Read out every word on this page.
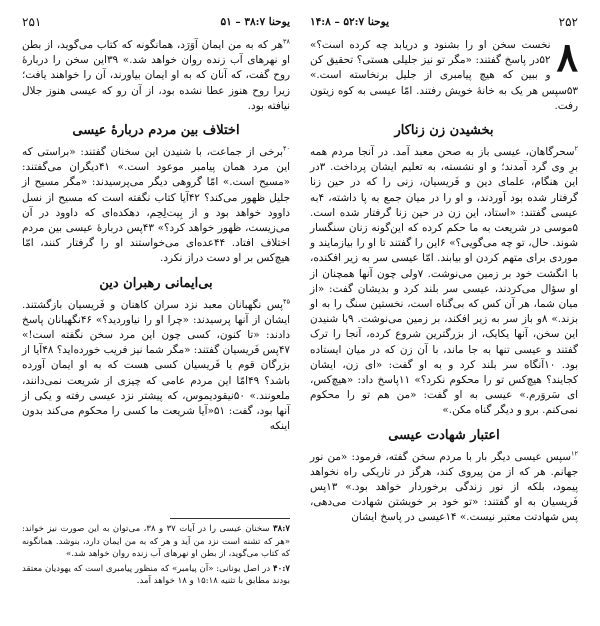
یوحنا ۳۸:۷ – ۵۱
۲۵۱

$^{۳۸}$هر که به من ایمان آوَرَد، همانگونه که کتاب می‌گوید، از بطن او نهرهای آب زنده روان خواهد شد.» ۳۹این سخن را دربارهٔ روح گفت، که آنان که به او ایمان بیاورند، آن را خواهند یافت؛ زیرا روح هنوز عطا نشده بود، از آن رو که عیسی هنوز جلال نیافته بود.

اختلاف بین مردم دربارهٔ عیسی

$^{۴۰}$برخی از جماعت، با شنیدن این سخنان گفتند: «براستی که این مرد همان پیامبر موعود است.» ۴۱دیگران می‌گفتند: «مسیح است.» امّا گروهی دیگر می‌پرسیدند: «مگر مسیح از جلیل ظهور می‌کند؟ ۴۲آیا کتاب نگفته است که مسیح از نسل داوود خواهد بود و از بِیت‌لِحِم، دهکده‌ای که داوود در آن می‌زیست، ظهور خواهد کرد؟» ۴۳پس دربارهٔ عیسی بین مردم اختلاف افتاد. ۴۴عده‌ای می‌خواستند او را گرفتار کنند، امّا هیچ‌کس بر او دست دراز نکرد.

بی‌ایمانی رهبران دین

$^{۴۵}$پس نگهبانان معبد نزد سران کاهنان و فَریسیان بازگشتند. ایشان از آنها پرسیدند: «چرا او را نیاوردید؟» ۴۶نگهبانان پاسخ دادند: «تا کنون، کسی چون این مرد سخن نگفته است!» ۴۷پس فَریسیان گفتند: «مگر شما نیز فریب خورده‌اید؟ ۴۸آیا از بزرگان قوم یا فَریسیان کسی هست که به او ایمان آورده باشد؟ ۴۹امّا این مردم عامی که چیزی از شریعت نمی‌دانند، ملعونند.» ۵۰نیقودیموس، که پیشتر نزد عیسی رفته و یکی از آنها بود، گفت: ۵۱«آیا شریعت ما کسی را محکوم می‌کند بدون اینکه

۳۸:۷ سخنان عیسی را در آیات ۳۷ و ۳۸، می‌توان به این صورت نیز خواند: «هر که تشنه است نزد من آید و هر که به من ایمان دارد، بنوشد. همانگونه که کتاب می‌گوید، از بطن او نهرهای آب زنده روان خواهد شد.»

۴۰:۷ در اصل یونانی: «آن پیامبر» که منظور پیامبری است که یهودیان معتقد بودند مطابق با تثنیه ۱۵:۱۸ و ۱۸ خواهد آمد.

۲۵۲
یوحنا ۵۲:۷ – ۱۴:۸

۸
نخست سخن او را بشنود و دریابد چه کرده است؟» ۵۲در پاسخ گفتند: «مگر تو نیز جلیلی هستی؟ تحقیق کن و ببین که هیچ پیامبری از جلیل برنخاسته است.» ۵۳سپس هر یک به خانهٔ خویش رفتند. امّا عیسی به کوه زیتون رفت.

بخشیدن زن زناکار

$^۲$سحرگاهان، عیسی باز به صحن معبد آمد. در آنجا مردم همه برِ وی گرد آمدند؛ و او نشسته، به تعلیم ایشان پرداخت. ۳در این هنگام، علمای دین و فَریسیان، زنی را که در حین زنا گرفتار شده بود آوردند، و او را در میان جمع به پا داشته، ۴به عیسی گفتند: «استاد، این زن در حین زنا گرفتار شده است. ۵موسی در شریعت به ما حکم کرده که این‌گونه زنان سنگسار شوند. حال، تو چه می‌گویی؟» ۶این را گفتند تا او را بیازمایند و موردی برای متهم کردن او بیابند. امّا عیسی سر به زیر افکنده، با انگشت خود بر زمین می‌نوشت. ۷ولی چون آنها همچنان از او سؤال می‌کردند، عیسی سر بلند کرد و بدیشان گفت: «از میان شما، هر آن کس که بی‌گناه است، نخستین سنگ را به او بزند.» ۸و باز سر به زیر افکند، بر زمین می‌نوشت. ۹با شنیدن این سخن، آنها یکایک، از بزرگترین شروع کرده، آنجا را ترک گفتند و عیسی تنها به جا ماند، با آن زن که در میان ایستاده بود. ۱۰آنگاه سر بلند کرد و به او گفت: «ای زن، ایشان کجایند؟ هیچ‌کس تو را محکوم نکرد؟» ۱۱پاسخ داد: «هیچ‌کس، ای سَروَرم.» عیسی به او گفت: «من هم تو را محکوم نمی‌کنم. برو و دیگر گناه مکن.»

اعتبار شهادت عیسی

$^{۱۲}$سپس عیسی دیگر بار با مردم سخن گفته، فرمود: «من نور جهانم. هر که از من پیروی کند، هرگز در تاریکی راه نخواهد پیمود، بلکه از نور زندگی برخوردار خواهد بود.» ۱۳پس فَریسیان به او گفتند: «تو خود بر خویشتن شهادت می‌دهی، پس شهادتت معتبر نیست.» ۱۴عیسی در پاسخ ایشان
